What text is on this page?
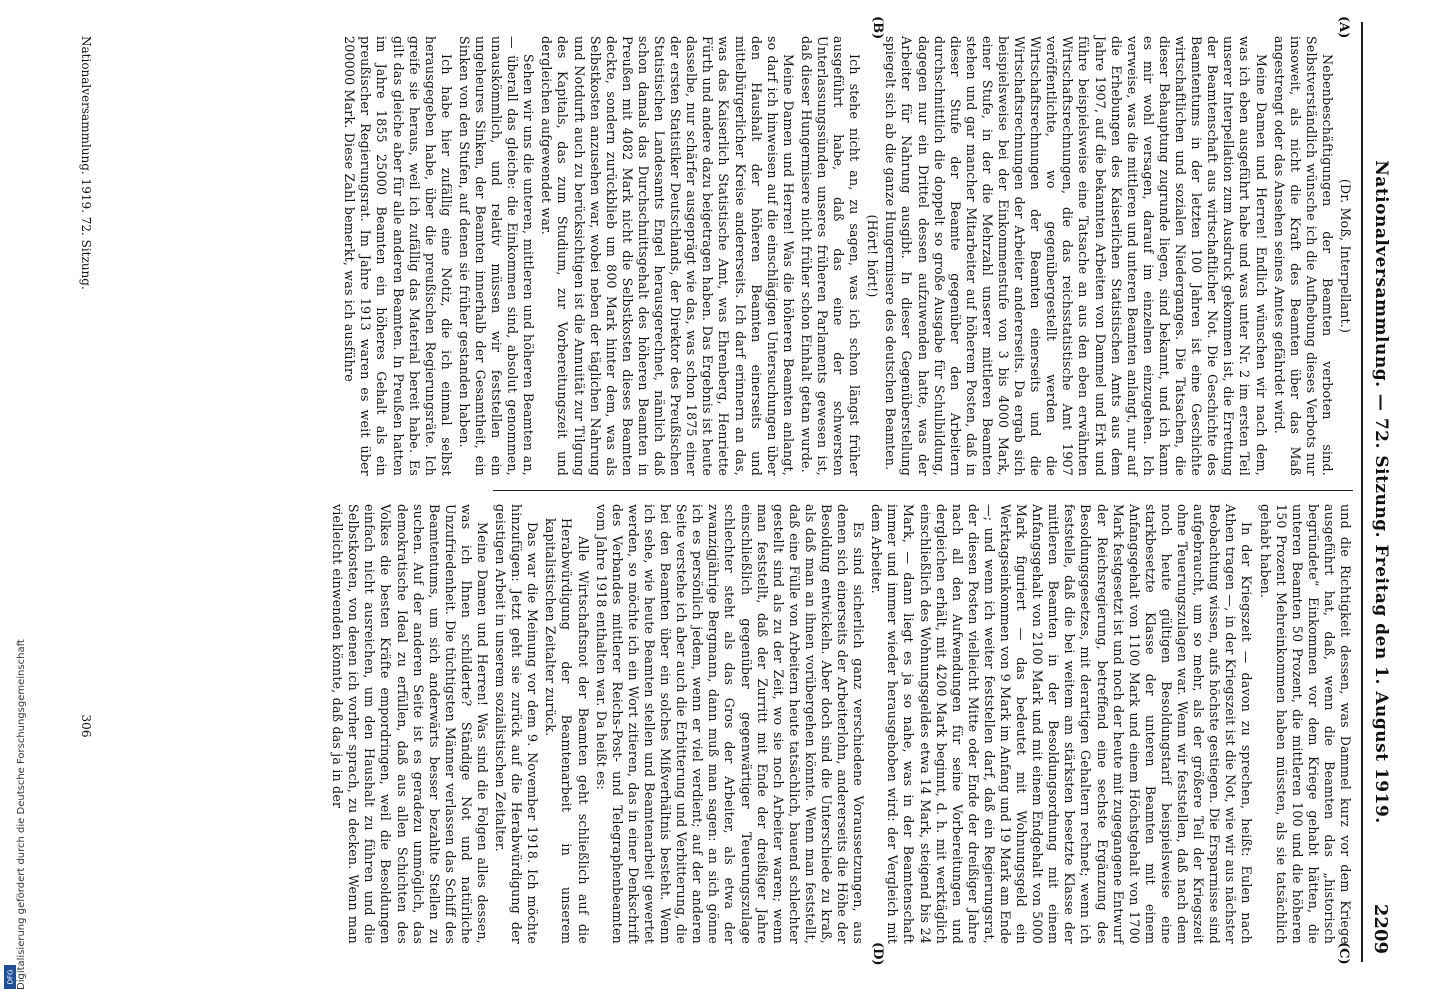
Digitalisierung gefördert durch die Deutsche Forschungsgemeinschaft
DFG
Nationalversammlung. — 72. Sitzung. Freitag den 1. August 1919.
2209
(A)
(B)
(C)
(D)

(Dr. Moß, Interpellant.)

Nebenbeschäftigungen der Beamten verboten sind. Selbstverständlich wünsche ich die Aufhebung dieses Verbots nur insoweit, als nicht die Kraft des Beamten über das Maß angestrengt oder das Ansehen seines Amtes gefährdet wird.

Meine Damen und Herren! Endlich wünschen wir nach dem, was ich eben ausgeführt habe und was unter Nr. 2 im ersten Teil unserer Interpellation zum Ausdruck gekommen ist, die Errettung der Beamtenschaft aus wirtschaftlicher Not. Die Geschichte des Beamtentums in der letzten 100 Jahren ist eine Geschichte wirtschaftlichen und sozialen Niederganges. Die Tatsachen, die dieser Behauptung zugrunde liegen, sind bekannt, und ich kann es mir wohl versagen, darauf im einzelnen einzugehen. Ich verweise, was die mittleren und unteren Beamten anlangt, nur auf die Erhebungen des Kaiserlichen Statistischen Amts aus dem Jahre 1907, auf die bekannten Arbeiten von Dammel und Erk und führe beispielsweise eine Tatsache an aus den eben erwähnten Wirtschaftsrechnungen, die das reichsstatistische Amt 1907 veröffentlichte, wo gegenübergestellt werden die Wirtschaftsrechnungen der Beamten einerseits und die Wirtschaftsrechnungen der Arbeiter andererseits. Da ergab sich beispielsweise bei der Einkommenstufe von 3 bis 4000 Mark, einer Stufe, in der die Mehrzahl unserer mittleren Beamten stehen und gar mancher Mitarbeiter auf höherem Posten, daß in dieser Stufe der Beamte gegenüber den Arbeitern durchschnittlich die doppelt so große Ausgabe für Schulbildung, dagegen nur ein Drittel dessen aufzuwenden hatte, was der Arbeiter für Nahrung ausgibt. In dieser Gegenüberstellung spiegelt sich ab die ganze Hungermisere des deutschen Beamten.

(Hört! hört!)

Ich stehe nicht an, zu sagen, was ich schon längst früher ausgeführt habe, daß das eine der schwersten Unterlassungssünden unseres früheren Parlaments gewesen ist, daß dieser Hungermisere nicht früher schon Einhalt getan wurde.

Meine Damen und Herren! Was die höheren Beamten anlangt, so darf ich hinweisen auf die einschlägigen Untersuchungen über den Haushalt der höheren Beamten einerseits und mittelbürgerlicher Kreise andererseits. Ich darf erinnern an das, was das Kaiserlich Statistische Amt, was Ehrenberg, Henriette Fürth und andere dazu beigetragen haben. Das Ergebnis ist heute dasselbe, nur schärfer ausgeprägt wie das, was schon 1875 einer der ersten Statistiker Deutschlands, der Direktor des Preußischen Statistischen Landesamts Engel herausgerechnet, nämlich daß schon damals das Durchschnittsgehalt des höheren Beamten in Preußen mit 4082 Mark nicht die Selbstkosten dieses Beamten deckte, sondern zurückblieb um 800 Mark hinter dem, was als Selbstkosten anzusehen war, wobei neben der täglichen Nahrung und Notdurft auch zu berücksichtigen ist die Annuität zur Tilgung des Kapitals, das zum Studium, zur Vorbereitungszeit und dergleichen aufgewendet war.

Sehen wir uns die unteren, mittleren und höheren Beamten an, — überall das gleiche: die Einkommen sind, absolut genommen, unauskömmlich, und relativ müssen wir feststellen ein ungeheures Sinken, der Beamten innerhalb der Gesamtheit, ein Sinken von den Stufen, auf denen sie früher gestanden haben.

Ich habe hier zufällig eine Notiz, die ich einmal selbst herausgegeben habe, über die preußischen Regierungsräte. Ich greife sie heraus, weil ich zufällig das Material bereit habe. Es gilt das gleiche aber für alle anderen Beamten. In Preußen hatten im Jahre 1855 25000 Beamten ein höheres Gehalt als ein preußischer Regierungsrat. Im Jahre 1913 waren es weit über 200000 Mark. Diese Zahl bemerkt, was ich ausführe

und die Richtigkeit dessen, was Dammel kurz vor dem Kriege ausgeführt hat, daß, wenn die Beamten das „historisch begründete“ Einkommen vor dem Kriege gehabt hätten, die unteren Beamten 50 Prozent, die mittleren 100 und die höheren 150 Prozent Mehreinkommen haben müssten, als sie tatsächlich gehabt haben.

In der Kriegszeit — davon zu sprechen, heißt: Eulen nach Athen tragen —, in der Kriegszeit ist die Not, wie wir aus nächster Beobachtung wissen, aufs höchste gestiegen. Die Ersparnisse sind aufgebraucht, um so mehr, als der größere Teil der Kriegszeit ohne Teuerungszulagen war. Wenn wir feststellen, daß nach dem noch heute gültigen Besoldungstarif beispielsweise eine starkbesetzte Klasse der unteren Beamten mit einem Anfangsgehalt von 1100 Mark und einem Höchstgehalt von 1700 Mark festgesetzt ist und noch der heute mit zugegangene Entwurf der Reichsregierung, betreffend eine sechste Ergänzung des Besoldungsgesetzes, mit derartigen Gehaltern rechnet; wenn ich feststelle, daß die bei weitem am stärksten besetzte Klasse der mittleren Beamten in der Besoldungsordnung mit einem Anfangsgehalt von 2100 Mark und mit einem Endgehalt von 5000 Mark figuriert — das bedeutet mit Wohnungsgeld ein Werktagseinkommen von 9 Mark im Anfang und 19 Mark am Ende —; und wenn ich weiter feststellen darf, daß ein Regierungsrat, der diesen Posten vielleicht Mitte oder Ende der dreißiger Jahre nach all den Aufwendungen für seine Vorbereitungen und dergleichen erhält, mit 4200 Mark beginnt, d. h. mit werktäglich einschließlich des Wohnungsgeldes etwa 14 Mark, steigend bis 24 Mark, — dann liegt es ja so nahe, was in der Beamtenschaft immer und immer wieder herausgehoben wird: der Vergleich mit dem Arbeiter.

Es sind sicherlich ganz verschiedene Voraussetzungen, aus denen sich einerseits der Arbeiterlohn, andererseits die Höhe der Besoldung entwickeln. Aber doch sind die Unterschiede zu kraß, als daß man an ihnen vorübergehen könnte. Wenn man feststellt, daß eine Fülle von Arbeitern heute tatsächlich, bauend schlechter gestellt sind als zu der Zeit, wo sie noch Arbeiter waren; wenn man feststellt, daß der Zurritt mit Ende der dreißiger Jahre einschließlich gegenüber gegenwärtiger Teuerungszulage schlechter steht als das Gros der Arbeiter, als etwa der zwanzigjährige Bergmann, dann muß man sagen: an sich gönne ich es persönlich jedem, wenn er viel verdient; auf der anderen Seite verstehe ich aber auch die Erbitterung und Verbitterung, die bei den Beamten über ein solches Mißverhältnis besteht. Wenn ich sehe, wie heute Beamten stellen und Beamtenarbeit gewertet werden, so möchte ich ein Wort zitieren, das in einer Denkschrift des Verbandes mittlerer Reichs-Post- und Telegraphenbeamten vom Jahre 1918 enthalten war. Da heißt es:

Alle Wirtschaftsnot der Beamten geht schließlich auf die Herabwürdigung der Beamtenarbeit in unserem kapitalistischen Zeitalter zurück.

Das war die Meinung vor dem 9. November 1918. Ich möchte hinzufügen: Jetzt geht sie zurück auf die Herabwürdigung der geistigen Arbeit in unserem sozialistischen Zeitalter.

Meine Damen und Herren! Was sind die Folgen alles dessen, was ich Ihnen schilderte? Ständige Not und natürliche Unzufriedenheit. Die tüchtigsten Männer verlassen das Schiff des Beamtentums, um sich anderwärts besser bezahlte Stellen zu suchen. Auf der anderen Seite ist es geradezu unmöglich, das demokratische Ideal zu erfüllen, daß aus allen Schichten des Volkes die besten Kräfte empordringen, weil die Besoldungen einfach nicht ausreichen, um den Haushalt zu führen und die Selbstkosten, von denen ich vorher sprach, zu decken. Wenn man vielleicht einwenden könnte, daß das ja in der

Nationalversammlung. 1919. 72. Sitzung.
306
